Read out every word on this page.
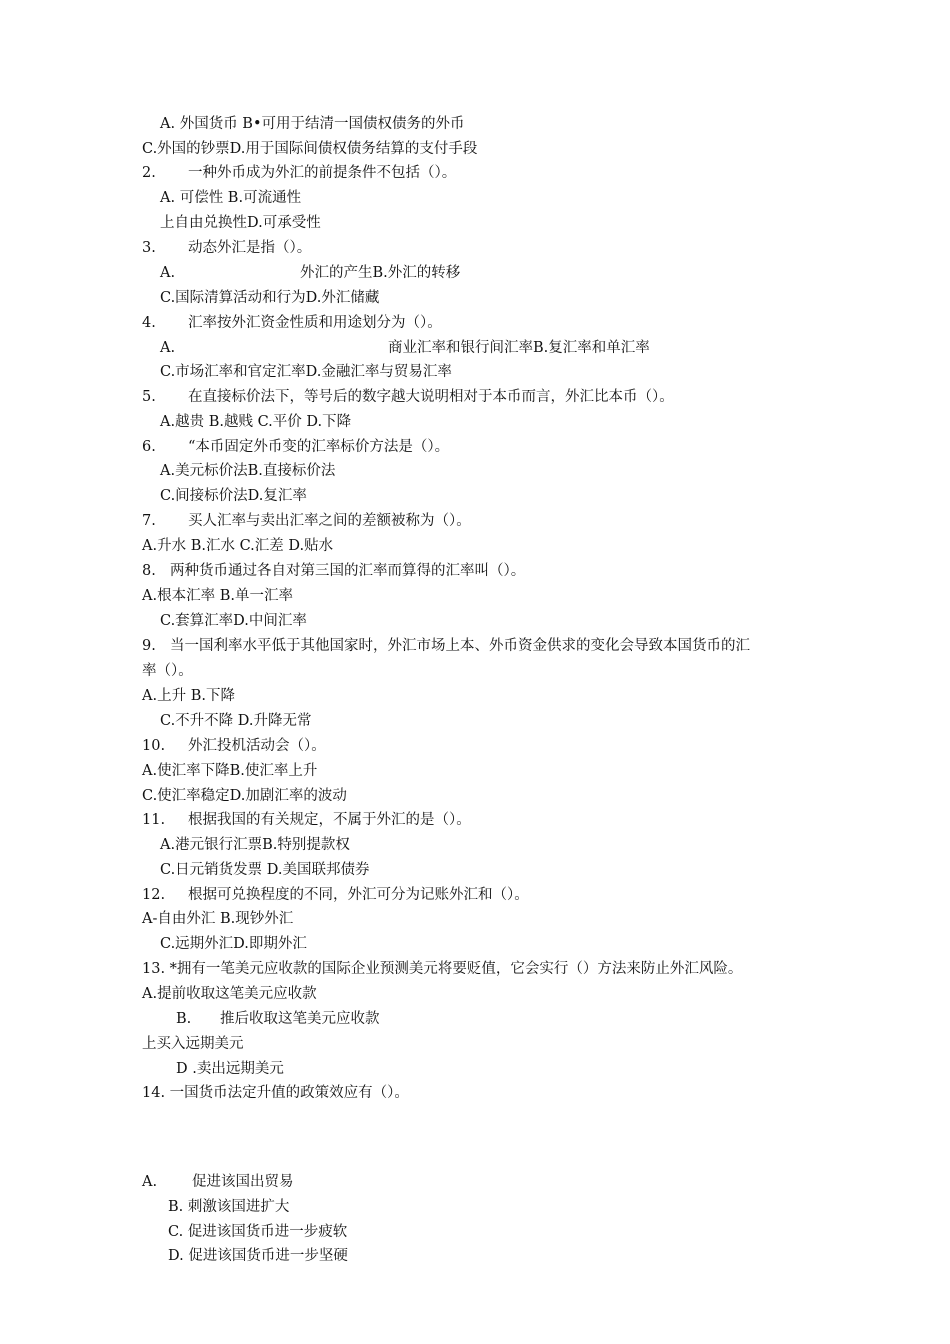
A. 外国货币 B•可用于结清一国债权债务的外币
C.外国的钞票D.用于国际间债权债务结算的支付手段
2. 一种外币成为外汇的前提条件不包括（）。
A. 可偿性 B.可流通性
上自由兑换性D.可承受性
3. 动态外汇是指（）。
A.	外汇的产生B.外汇的转移
C.国际清算活动和行为D.外汇储藏
4. 汇率按外汇资金性质和用途划分为（）。
A.	商业汇率和银行间汇率B.复汇率和单汇率
C.市场汇率和官定汇率D.金融汇率与贸易汇率
5. 在直接标价法下，等号后的数字越大说明相对于本币而言，外汇比本币（）。
A.越贵 B.越贱 C.平价 D.下降
6. “本币固定外币变的汇率标价方法是（）。
A.美元标价法B.直接标价法
C.间接标价法D.复汇率
7. 买人汇率与卖出汇率之间的差额被称为（）。
A.升水 B.汇水 C.汇差 D.贴水
8. 两种货币通过各自对第三国的汇率而算得的汇率叫（）。
A.根本汇率 B.单一汇率
C.套算汇率D.中间汇率
9. 当一国利率水平低于其他国家时，外汇市场上本、外币资金供求的变化会导致本国货币的汇
率（）。
A.上升 B.下降
C.不升不降 D.升降无常
10. 外汇投机活动会（）。
A.使汇率下降B.使汇率上升
C.使汇率稳定D.加剧汇率的波动
11. 根据我国的有关规定，不属于外汇的是（）。
A.港元银行汇票B.特别提款权
C.日元销货发票 D.美国联邦债券
12. 根据可兑换程度的不同，外汇可分为记账外汇和（）。
A-自由外汇 B.现钞外汇
C.远期外汇D.即期外汇
13. *拥有一笔美元应收款的国际企业预测美元将要贬值，它会实行（）方法来防止外汇风险。
A.提前收取这笔美元应收款
B. 推后收取这笔美元应收款
上买入远期美元
D .卖出远期美元
14. 一国货币法定升值的政策效应有（）。
A. 促进该国出贸易
B. 刺激该国进扩大
C. 促进该国货币进一步疲软
D. 促进该国货币进一步坚硬
